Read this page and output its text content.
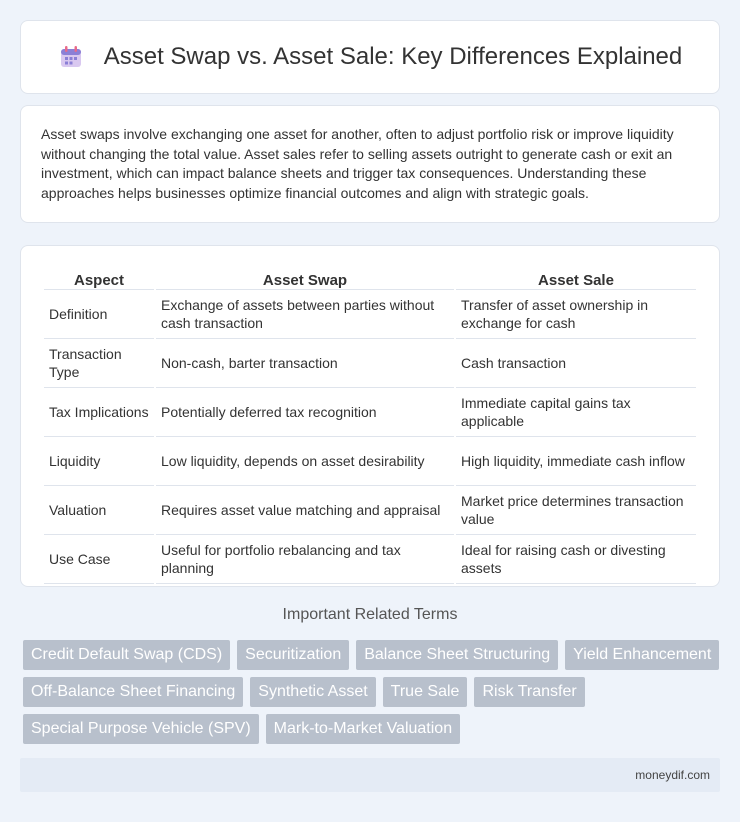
Asset Swap vs. Asset Sale: Key Differences Explained

Asset swaps involve exchanging one asset for another, often to adjust portfolio risk or improve liquidity without changing the total value. Asset sales refer to selling assets outright to generate cash or exit an investment, which can impact balance sheets and trigger tax consequences. Understanding these approaches helps businesses optimize financial outcomes and align with strategic goals.

Aspect	Asset Swap	Asset Sale
Definition	Exchange of assets between parties without cash transaction	Transfer of asset ownership in exchange for cash
Transaction Type	Non-cash, barter transaction	Cash transaction
Tax Implications	Potentially deferred tax recognition	Immediate capital gains tax applicable
Liquidity	Low liquidity, depends on asset desirability	High liquidity, immediate cash inflow
Valuation	Requires asset value matching and appraisal	Market price determines transaction value
Use Case	Useful for portfolio rebalancing and tax planning	Ideal for raising cash or divesting assets
Important Related Terms
Credit Default Swap (CDS)	Securitization	Balance Sheet Structuring	Yield Enhancement
Off-Balance Sheet Financing	Synthetic Asset	True Sale	Risk Transfer
Special Purpose Vehicle (SPV)	Mark-to-Market Valuation
moneydif.com
